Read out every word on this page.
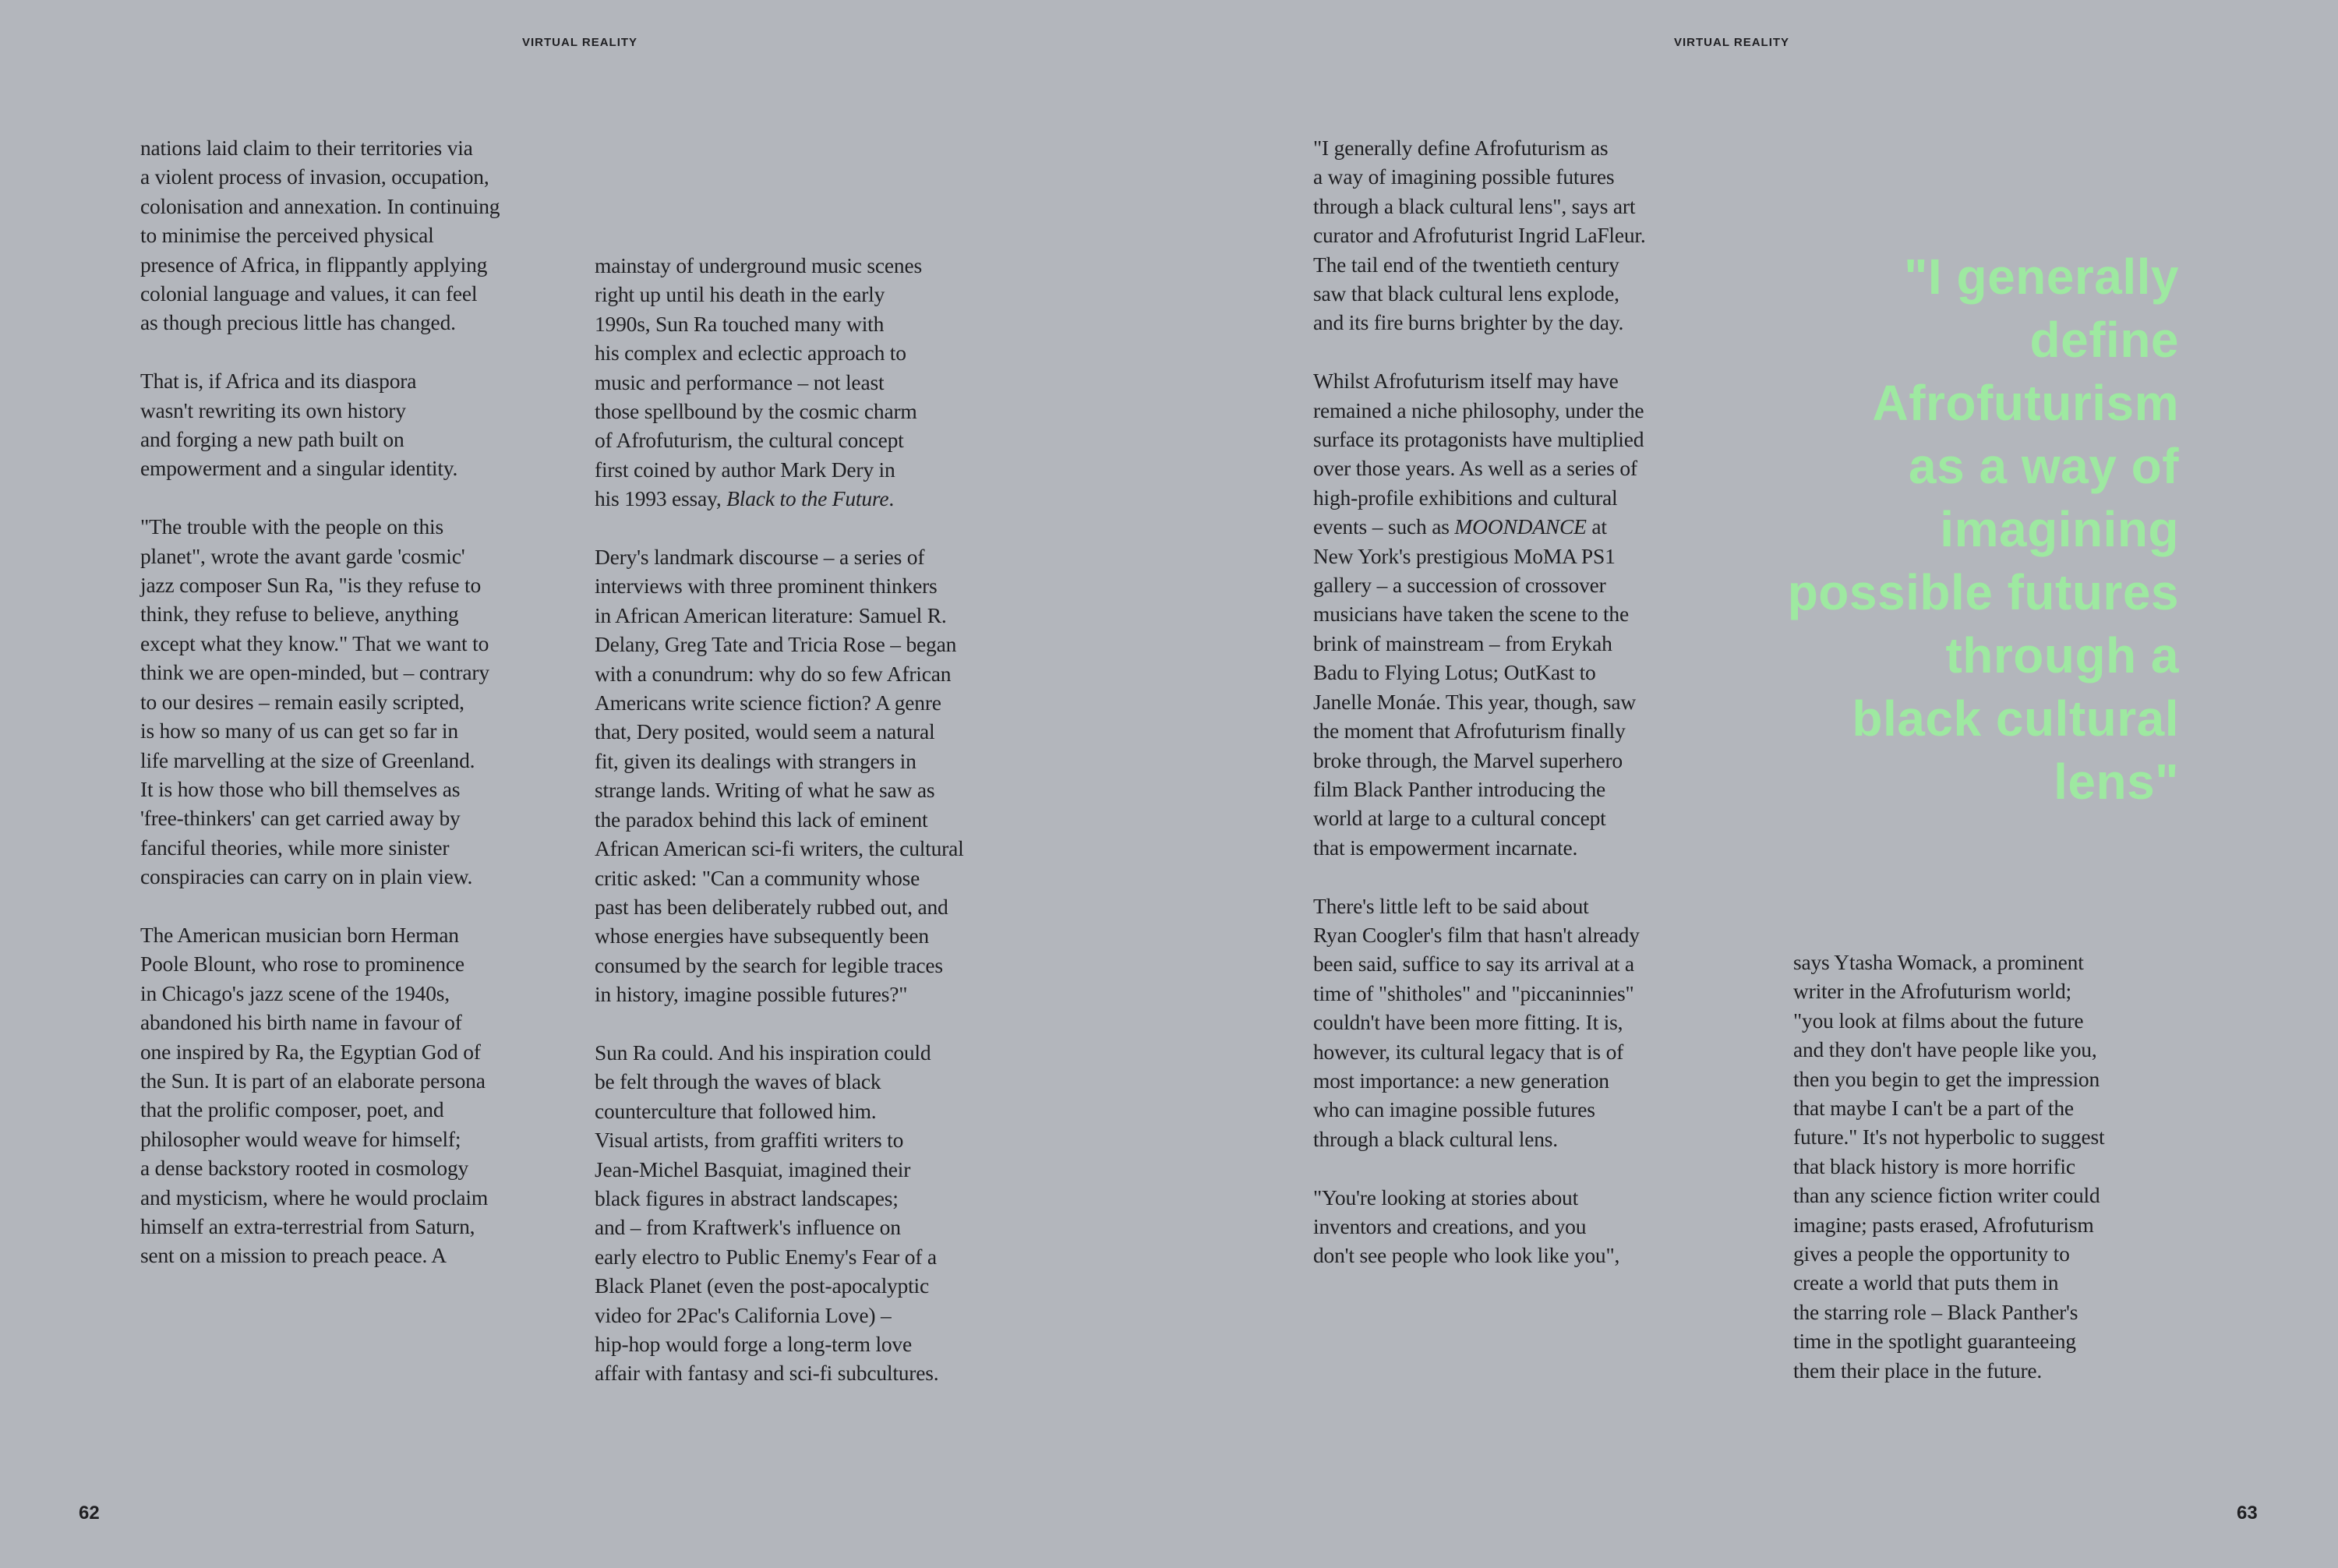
VIRTUAL REALITY

nations laid claim to their territories via
a violent process of invasion, occupation,
colonisation and annexation. In continuing
to minimise the perceived physical
presence of Africa, in flippantly applying
colonial language and values, it can feel
as though precious little has changed.

That is, if Africa and its diaspora
wasn't rewriting its own history
and forging a new path built on
empowerment and a singular identity.

"The trouble with the people on this
planet", wrote the avant garde 'cosmic'
jazz composer Sun Ra, "is they refuse to
think, they refuse to believe, anything
except what they know." That we want to
think we are open-minded, but – contrary
to our desires – remain easily scripted,
is how so many of us can get so far in
life marvelling at the size of Greenland.
It is how those who bill themselves as
'free-thinkers' can get carried away by
fanciful theories, while more sinister
conspiracies can carry on in plain view.

The American musician born Herman
Poole Blount, who rose to prominence
in Chicago's jazz scene of the 1940s,
abandoned his birth name in favour of
one inspired by Ra, the Egyptian God of
the Sun. It is part of an elaborate persona
that the prolific composer, poet, and
philosopher would weave for himself;
a dense backstory rooted in cosmology
and mysticism, where he would proclaim
himself an extra-terrestrial from Saturn,
sent on a mission to preach peace. A

mainstay of underground music scenes
right up until his death in the early
1990s, Sun Ra touched many with
his complex and eclectic approach to
music and performance – not least
those spellbound by the cosmic charm
of Afrofuturism, the cultural concept
first coined by author Mark Dery in
his 1993 essay, Black to the Future.

Dery's landmark discourse – a series of
interviews with three prominent thinkers
in African American literature: Samuel R.
Delany, Greg Tate and Tricia Rose – began
with a conundrum: why do so few African
Americans write science fiction? A genre
that, Dery posited, would seem a natural
fit, given its dealings with strangers in
strange lands. Writing of what he saw as
the paradox behind this lack of eminent
African American sci-fi writers, the cultural
critic asked: "Can a community whose
past has been deliberately rubbed out, and
whose energies have subsequently been
consumed by the search for legible traces
in history, imagine possible futures?"

Sun Ra could. And his inspiration could
be felt through the waves of black
counterculture that followed him.
Visual artists, from graffiti writers to
Jean-Michel Basquiat, imagined their
black figures in abstract landscapes;
and – from Kraftwerk's influence on
early electro to Public Enemy's Fear of a
Black Planet (even the post-apocalyptic
video for 2Pac's California Love) –
hip-hop would forge a long-term love
affair with fantasy and sci-fi subcultures.

62
VIRTUAL REALITY

"I generally define Afrofuturism as
a way of imagining possible futures
through a black cultural lens", says art
curator and Afrofuturist Ingrid LaFleur.
The tail end of the twentieth century
saw that black cultural lens explode,
and its fire burns brighter by the day.

Whilst Afrofuturism itself may have
remained a niche philosophy, under the
surface its protagonists have multiplied
over those years. As well as a series of
high-profile exhibitions and cultural
events – such as MOONDANCE at
New York's prestigious MoMA PS1
gallery – a succession of crossover
musicians have taken the scene to the
brink of mainstream – from Erykah
Badu to Flying Lotus; OutKast to
Janelle Monáe. This year, though, saw
the moment that Afrofuturism finally
broke through, the Marvel superhero
film Black Panther introducing the
world at large to a cultural concept
that is empowerment incarnate.

There's little left to be said about
Ryan Coogler's film that hasn't already
been said, suffice to say its arrival at a
time of "shitholes" and "piccaninnies"
couldn't have been more fitting. It is,
however, its cultural legacy that is of
most importance: a new generation
who can imagine possible futures
through a black cultural lens.

"You're looking at stories about
inventors and creations, and you
don't see people who look like you",

"I generally
define
Afrofuturism
as a way of
imagining
possible futures
through a
black cultural
lens"

says Ytasha Womack, a prominent
writer in the Afrofuturism world;
"you look at films about the future
and they don't have people like you,
then you begin to get the impression
that maybe I can't be a part of the
future." It's not hyperbolic to suggest
that black history is more horrific
than any science fiction writer could
imagine; pasts erased, Afrofuturism
gives a people the opportunity to
create a world that puts them in
the starring role – Black Panther's
time in the spotlight guaranteeing
them their place in the future.

63
